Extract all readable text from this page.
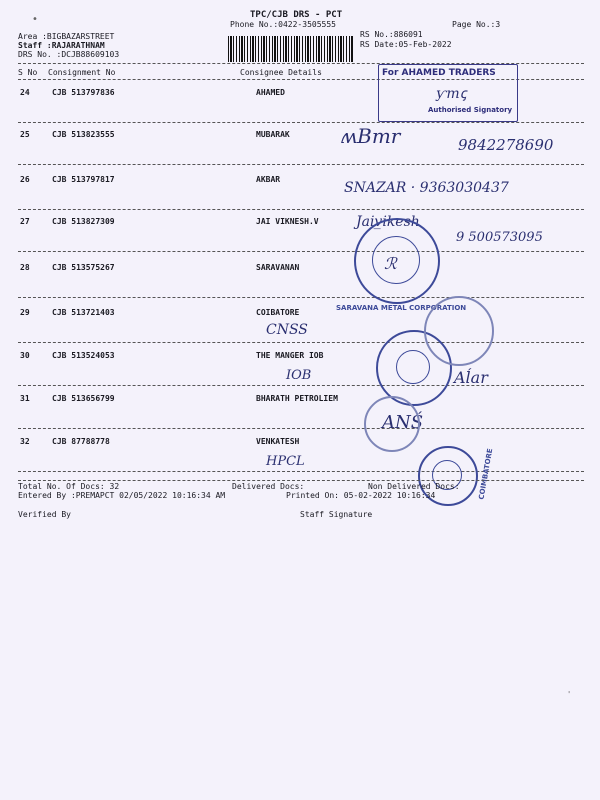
•	TPC/CJB DRS - PCT
Phone No.:0422-3505555
Area :BIGBAZARSTREET
Staff :RAJARATHNAM
DRS No. :DCJB88609103
RS No.:886091
RS Date:05-Feb-2022
Page No.:3
S No Consignment No	Consignee Details	For AHAMED TRADERS
ƴmꞔ
Authorised Signatory
24	CJB 513797836	AHAMED
25	CJB 513823555	MUBARAK
26	CJB 513797817	AKBAR
27	CJB 513827309	JAI VIKNESH.V
28	CJB 513575267	SARAVANAN
29	CJB 513721403	COIBATORE
30	CJB 513524053	THE MANGER IOB
31	CJB 513656799	BHARATH PETROLIEM
32	CJB 87788778	VENKATESH
ʍBmr	9842278690
SNAZAR · 9363030437
Jaiv̲ikesh
9 500573095
CNSS
IOB	Aĺar
ANŚ
HPCL
SARAVANA METAL CORPORATION
ℛ
COIMBATORE
Total No. Of Docs: 32	Delivered Docs:	Non Delivered Docs:
Entered By :PREMAPCT 02/05/2022 10:16:34 AM	Printed On: 05-02-2022 10:16:34
Verified By	Staff Signature
'
